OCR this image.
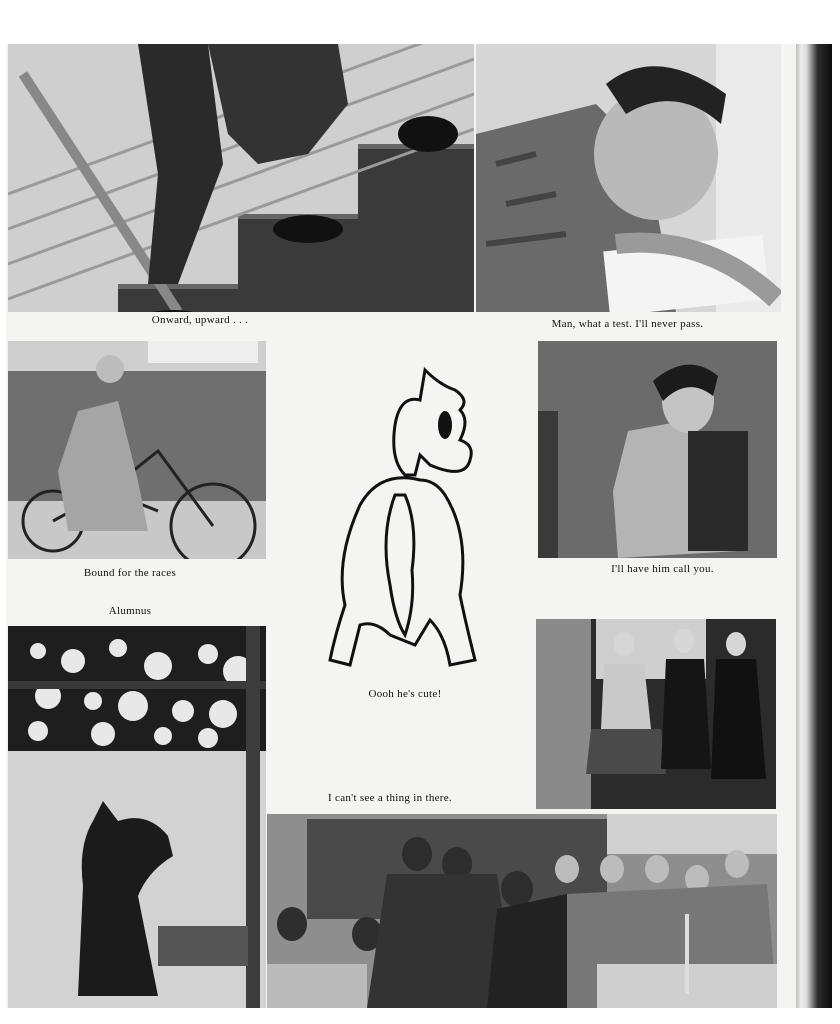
Onward, upward . . .	Man, what a test. I'll never pass.
Bound for the races
Alumnus
Oooh he's cute!
I can't see a thing in there.
I'll have him call you.
